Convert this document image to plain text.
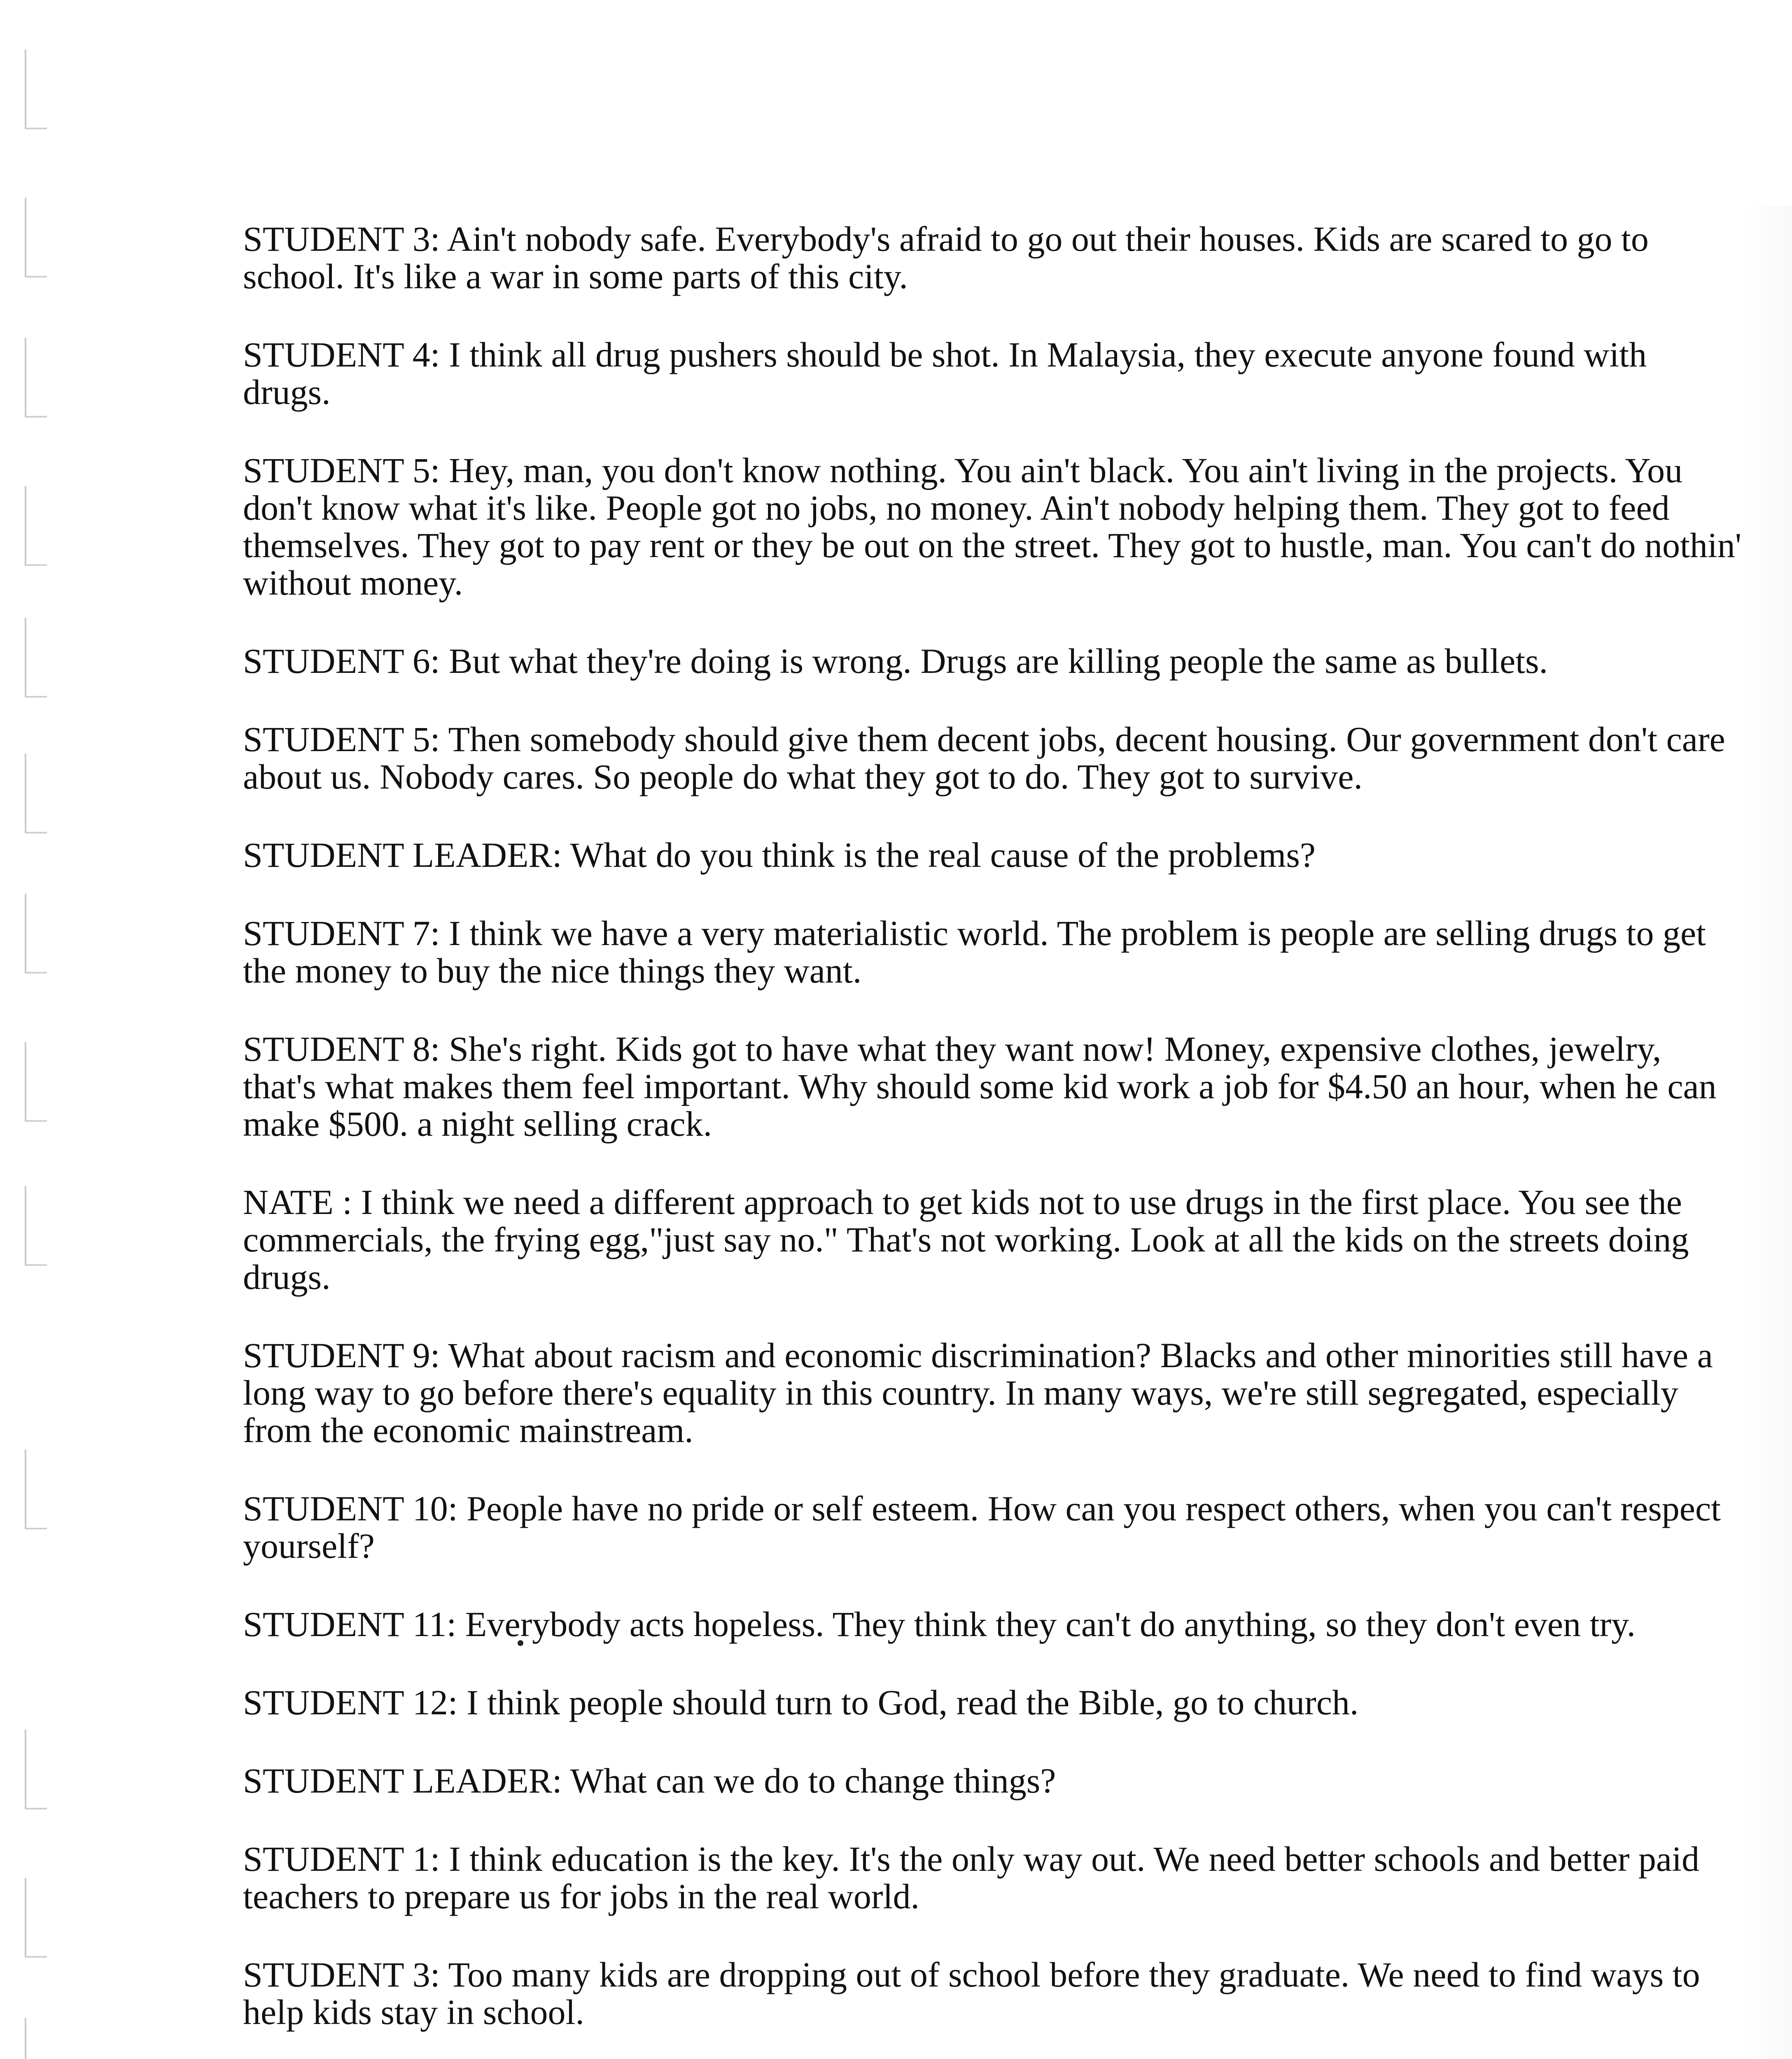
STUDENT 3: Ain't nobody safe. Everybody's afraid to go out their houses. Kids are scared to go to school. It's like a war in some parts of this city.

STUDENT 4: I think all drug pushers should be shot. In Malaysia, they execute anyone found with drugs.

STUDENT 5: Hey, man, you don't know nothing. You ain't black. You ain't living in the projects. You don't know what it's like. People got no jobs, no money. Ain't nobody helping them. They got to feed themselves. They got to pay rent or they be out on the street. They got to hustle, man. You can't do nothin' without money.

STUDENT 6: But what they're doing is wrong. Drugs are killing people the same as bullets.

STUDENT 5: Then somebody should give them decent jobs, decent housing. Our government don't care about us. Nobody cares. So people do what they got to do. They got to survive.

STUDENT LEADER: What do you think is the real cause of the problems?

STUDENT 7: I think we have a very materialistic world. The problem is people are selling drugs to get the money to buy the nice things they want.

STUDENT 8: She's right. Kids got to have what they want now! Money, expensive clothes, jewelry, that's what makes them feel important. Why should some kid work a job for $4.50 an hour, when he can make $500. a night selling crack.

NATE : I think we need a different approach to get kids not to use drugs in the first place. You see the commercials, the frying egg,"just say no." That's not working. Look at all the kids on the streets doing drugs.

STUDENT 9: What about racism and economic discrimination? Blacks and other minorities still have a long way to go before there's equality in this country. In many ways, we're still segregated, especially from the economic mainstream.

STUDENT 10: People have no pride or self esteem. How can you respect others, when you can't respect yourself?

STUDENT 11: Everybody acts hopeless. They think they can't do anything, so they don't even try.

STUDENT 12: I think people should turn to God, read the Bible, go to church.

STUDENT LEADER: What can we do to change things?

STUDENT 1: I think education is the key. It's the only way out. We need better schools and better paid teachers to prepare us for jobs in the real world.

STUDENT 3: Too many kids are dropping out of school before they graduate. We need to find ways to help kids stay in school.
